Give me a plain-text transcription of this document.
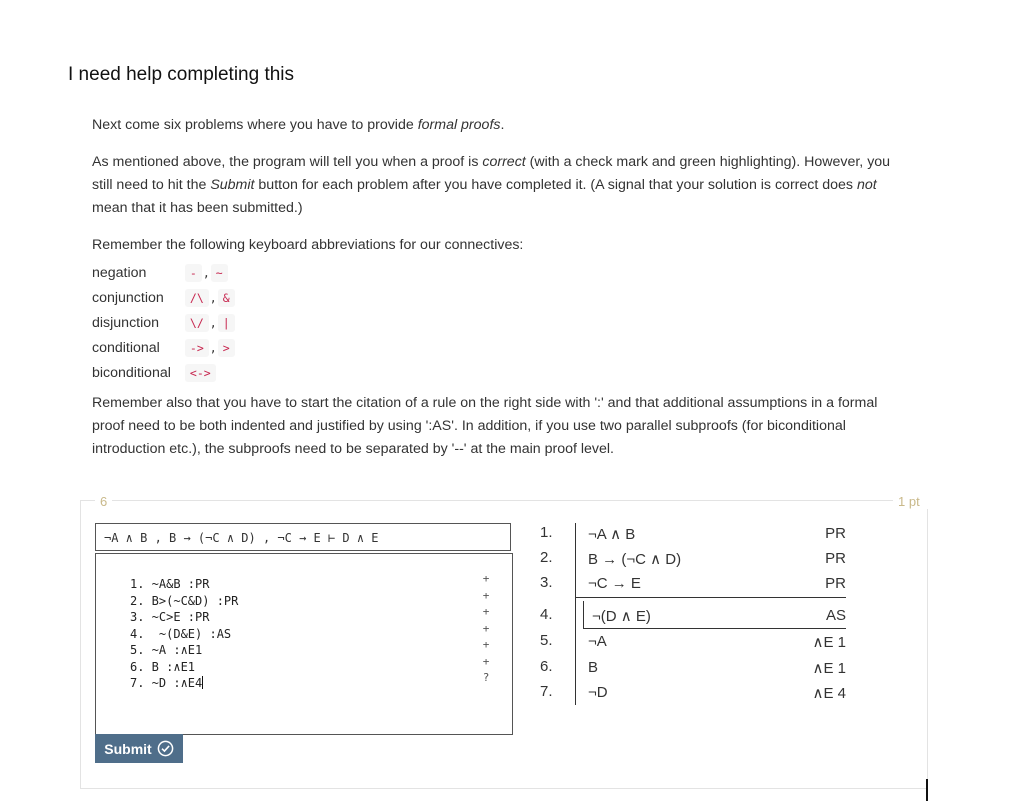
I need help completing this

Next come six problems where you have to provide formal proofs.

As mentioned above, the program will tell you when a proof is correct (with a check mark and green highlighting). However, you still need to hit the Submit button for each problem after you have completed it. (A signal that your solution is correct does not mean that it has been submitted.)

Remember the following keyboard abbreviations for our connectives:

negation	- , ~
conjunction	/\ , &
disjunction	\/ , |
conditional	-> , >
biconditional	<->

Remember also that you have to start the citation of a rule on the right side with ':' and that additional assumptions in a formal proof need to be both indented and justified by using ':AS'. In addition, if you use two parallel subproofs (for biconditional introduction etc.), the subproofs need to be separated by '--' at the main proof level.

6	1 pt
¬A ∧ B , B → (¬C ∧ D) , ¬C → E ⊢ D ∧ E
1. ~A&B :PR
2. B>(~C&D) :PR
3. ~C>E :PR
4.  ~(D&E) :AS
5. ~A :∧E1
6. B :∧E1
7. ~D :∧E4
+
+
+
+
+
+
?
Submit
1.	¬A ∧ B	PR
2.	B → (¬C ∧ D)	PR
3.	¬C → E	PR
4.	¬(D ∧ E)	AS
5.	¬A	∧E 1
6.	B	∧E 1
7.	¬D	∧E 4
